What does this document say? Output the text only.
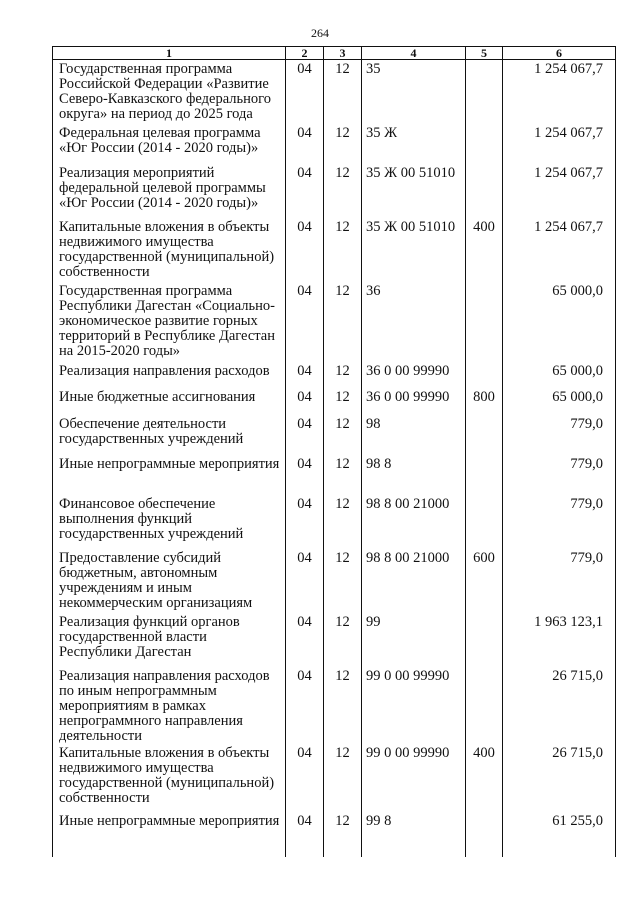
264
1	2	3	4	5	6
Государственная программа Российской Федерации «Развитие Северо-Кавказского федерального округа» на период до 2025 года	04	12	35		1 254 067,7
Федеральная целевая программа «Юг России (2014 - 2020 годы)»	04	12	35 Ж		1 254 067,7
Реализация мероприятий федеральной целевой программы «Юг России (2014 - 2020 годы)»	04	12	35 Ж 00 51010		1 254 067,7
Капитальные вложения в объекты недвижимого имущества государственной (муниципальной) собственности	04	12	35 Ж 00 51010	400	1 254 067,7
Государственная программа Республики Дагестан «Социально-экономическое развитие горных территорий в Республике Дагестан на 2015-2020 годы»	04	12	36		65 000,0
Реализация направления расходов	04	12	36 0 00 99990		65 000,0
Иные бюджетные ассигнования	04	12	36 0 00 99990	800	65 000,0
Обеспечение деятельности государственных учреждений	04	12	98		779,0
Иные непрограммные мероприятия	04	12	98 8		779,0
Финансовое обеспечение выполнения функций государственных учреждений	04	12	98 8 00 21000		779,0
Предоставление субсидий бюджетным, автономным учреждениям и иным некоммерческим организациям	04	12	98 8 00 21000	600	779,0
Реализация функций органов государственной власти Республики Дагестан	04	12	99		1 963 123,1
Реализация направления расходов по иным непрограммным мероприятиям в рамках непрограммного направления деятельности	04	12	99 0 00 99990		26 715,0
Капитальные вложения в объекты недвижимого имущества государственной (муниципальной) собственности	04	12	99 0 00 99990	400	26 715,0
Иные непрограммные мероприятия	04	12	99 8		61 255,0
